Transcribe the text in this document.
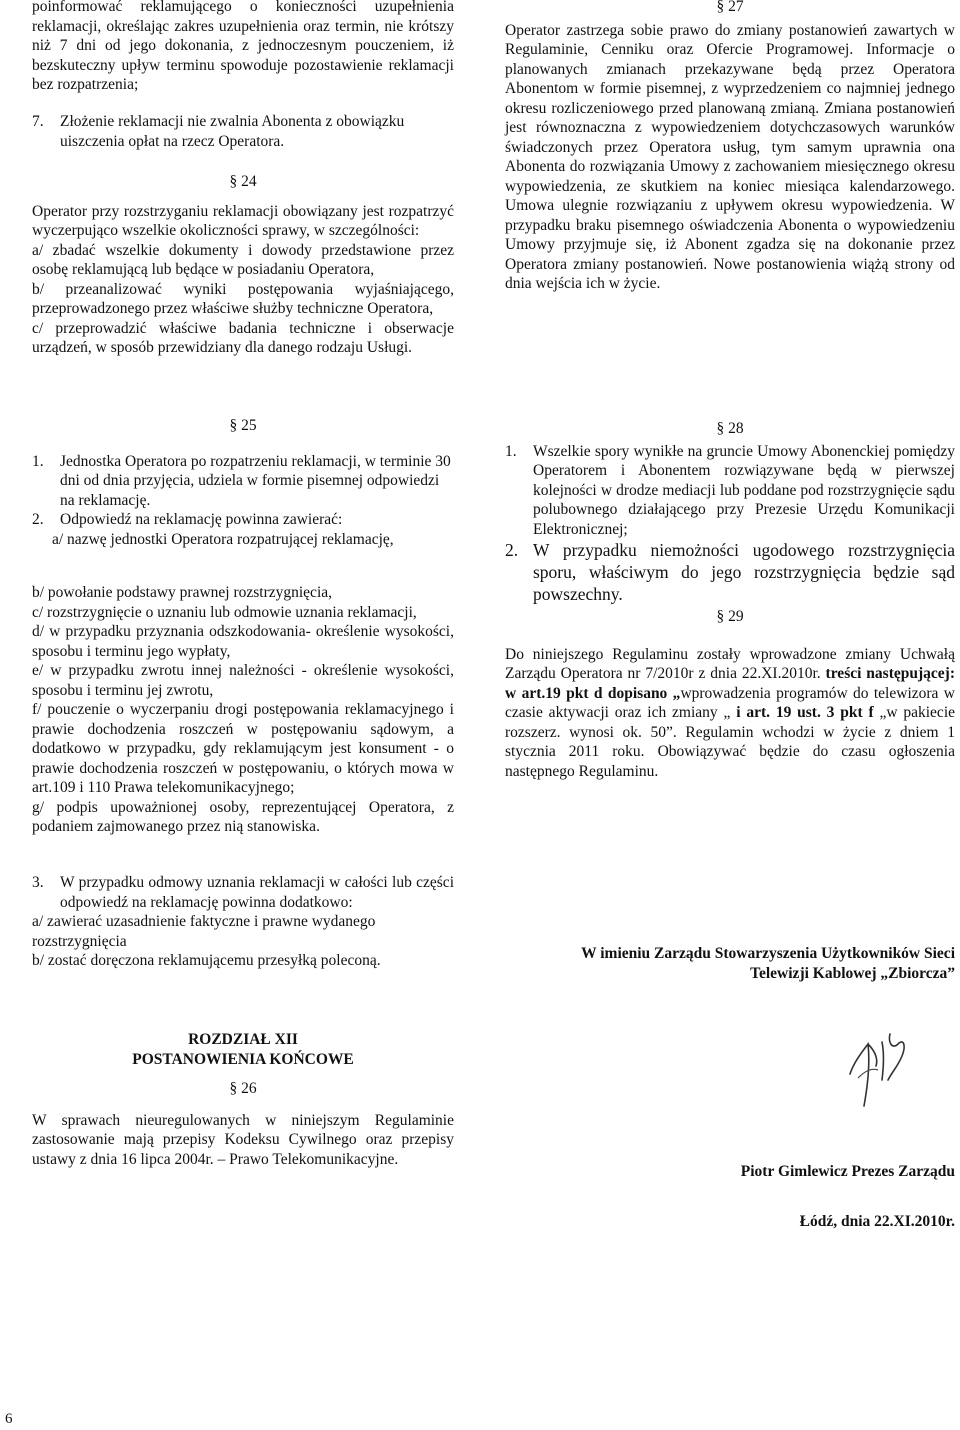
poinformować reklamującego o konieczności uzupełnienia reklamacji, określając zakres uzupełnienia oraz termin, nie krótszy niż 7 dni od jego dokonania, z jednoczesnym pouczeniem, iż bezskuteczny upływ terminu spowoduje pozostawienie reklamacji bez rozpatrzenia;

7.	Złożenie reklamacji nie zwalnia Abonenta z obowiązku uiszczenia opłat na rzecz Operatora.

§ 24

Operator przy rozstrzyganiu reklamacji obowiązany jest rozpatrzyć wyczerpująco wszelkie okoliczności sprawy, w szczególności:

a/ zbadać wszelkie dokumenty i dowody przedstawione przez osobę reklamującą lub będące w posiadaniu Operatora,

b/ przeanalizować wyniki postępowania wyjaśniającego, przeprowadzonego przez właściwe służby techniczne Operatora,

c/ przeprowadzić właściwe badania techniczne i obserwacje urządzeń, w sposób przewidziany dla danego rodzaju Usługi.

§ 25

1.	Jednostka Operatora po rozpatrzeniu reklamacji, w terminie 30 dni od dnia przyjęcia, udziela w formie pisemnej odpowiedzi na reklamację.
2.	Odpowiedź na reklamację powinna zawierać:

a/ nazwę jednostki Operatora rozpatrującej reklamację,

b/ powołanie podstawy prawnej rozstrzygnięcia,

c/ rozstrzygnięcie o uznaniu lub odmowie uznania reklamacji,

d/ w przypadku przyznania odszkodowania- określenie wysokości, sposobu i terminu jego wypłaty,

e/ w przypadku zwrotu innej należności - określenie wysokości, sposobu i terminu jej zwrotu,

f/ pouczenie o wyczerpaniu drogi postępowania reklamacyjnego i prawie dochodzenia roszczeń w postępowaniu sądowym, a dodatkowo w przypadku, gdy reklamującym jest konsument - o prawie dochodzenia roszczeń w postępowaniu, o których mowa w art.109 i 110 Prawa telekomunikacyjnego;

g/ podpis upoważnionej osoby, reprezentującej Operatora, z podaniem zajmowanego przez nią stanowiska.

3.	W przypadku odmowy uznania reklamacji w całości lub części odpowiedź na reklamację powinna dodatkowo:

a/ zawierać uzasadnienie faktyczne i prawne wydanego rozstrzygnięcia

b/ zostać doręczona reklamującemu przesyłką poleconą.

ROZDZIAŁ XII

POSTANOWIENIA KOŃCOWE

§ 26

W sprawach nieuregulowanych w niniejszym Regulaminie zastosowanie mają przepisy Kodeksu Cywilnego oraz przepisy ustawy z dnia 16 lipca 2004r. – Prawo Telekomunikacyjne.

§ 27

Operator zastrzega sobie prawo do zmiany postanowień zawartych w Regulaminie, Cenniku oraz Ofercie Programowej. Informacje o planowanych zmianach przekazywane będą przez Operatora Abonentom w formie pisemnej, z wyprzedzeniem co najmniej jednego okresu rozliczeniowego przed planowaną zmianą. Zmiana postanowień jest równoznaczna z wypowiedzeniem dotychczasowych warunków świadczonych przez Operatora usług, tym samym uprawnia ona Abonenta do rozwiązania Umowy z zachowaniem miesięcznego okresu wypowiedzenia, ze skutkiem na koniec miesiąca kalendarzowego. Umowa ulegnie rozwiązaniu z upływem okresu wypowiedzenia. W przypadku braku pisemnego oświadczenia Abonenta o wypowiedzeniu Umowy przyjmuje się, iż Abonent zgadza się na dokonanie przez Operatora zmiany postanowień. Nowe postanowienia wiążą strony od dnia wejścia ich w życie.

§ 28

1.	Wszelkie spory wynikłe na gruncie Umowy Abonenckiej pomiędzy Operatorem i Abonentem rozwiązywane będą w pierwszej kolejności w drodze mediacji lub poddane pod rozstrzygnięcie sądu polubownego działającego przy Prezesie Urzędu Komunikacji Elektronicznej;
2. W przypadku niemożności ugodowego rozstrzygnięcia sporu, właściwym do jego rozstrzygnięcia będzie sąd powszechny.

§ 29

Do niniejszego Regulaminu zostały wprowadzone zmiany Uchwałą Zarządu Operatora nr 7/2010r z dnia 22.XI.2010r. treści następującej: w art.19 pkt d dopisano „wprowadzenia programów do telewizora w czasie aktywacji oraz ich zmiany „ i art. 19 ust. 3 pkt f „w pakiecie rozszerz. wynosi ok. 50”. Regulamin wchodzi w życie z dniem 1 stycznia 2011 roku. Obowiązywać będzie do czasu ogłoszenia następnego Regulaminu.

W imieniu Zarządu Stowarzyszenia Użytkowników Sieci

Telewizji Kablowej „Zbiorcza”

Piotr Gimlewicz Prezes Zarządu

Łódź, dnia 22.XI.2010r.

6
